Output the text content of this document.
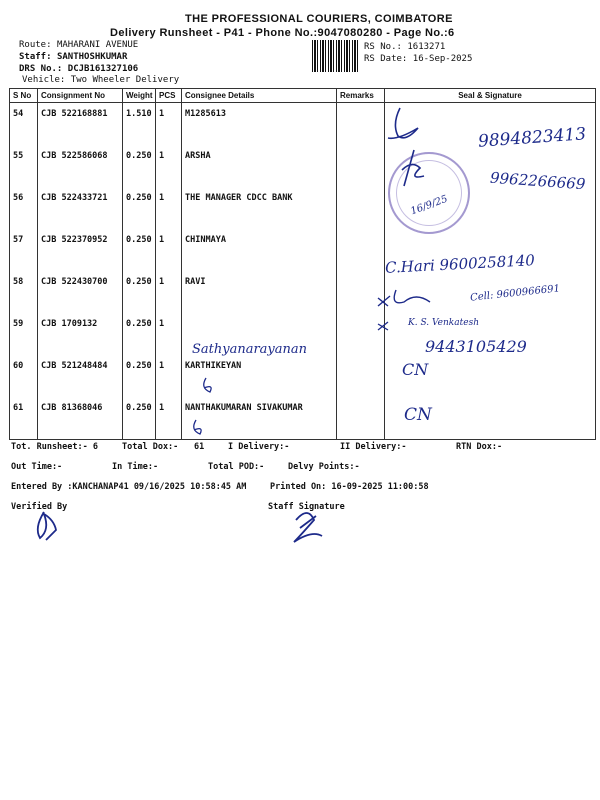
THE PROFESSIONAL COURIERS, COIMBATORE
Delivery Runsheet - P41 - Phone No.:9047080280 - Page No.:6
Route: MAHARANI AVENUE
Staff: SANTHOSHKUMAR
DRS No.: DCJB161327106
Vehicle: Two Wheeler Delivery
RS No.: 1613271
RS Date: 16-Sep-2025
S No	Consignment No	Weight	PCS	Consignee Details	Remarks	Seal & Signature
54	CJB 522168881	1.510	1	M1285613		
55	CJB 522586068	0.250	1	ARSHA		
56	CJB 522433721	0.250	1	THE MANAGER CDCC BANK		
57	CJB 522370952	0.250	1	CHINMAYA		
58	CJB 522430700	0.250	1	RAVI		
59	CJB 1709132	0.250	1			
60	CJB 521248484	0.250	1	KARTHIKEYAN		
61	CJB 81368046	0.250	1	NANTHAKUMARAN SIVAKUMAR		
16/9/25
9894823413
9962266669
C.Hari 9600258140
Cell: 9600966691
Sathyanarayanan
K. S. Venkatesh
9443105429
CN
CN
Tot. Runsheet:- 6	Total Dox:- 61	I Delivery:-	II Delivery:-	RTN Dox:-
Out Time:-	In Time:-	Total POD:-	Delvy Points:-
Entered By :KANCHANAP41 09/16/2025 10:58:45 AM	Printed On: 16-09-2025 11:00:58
Verified By	Staff Signature
